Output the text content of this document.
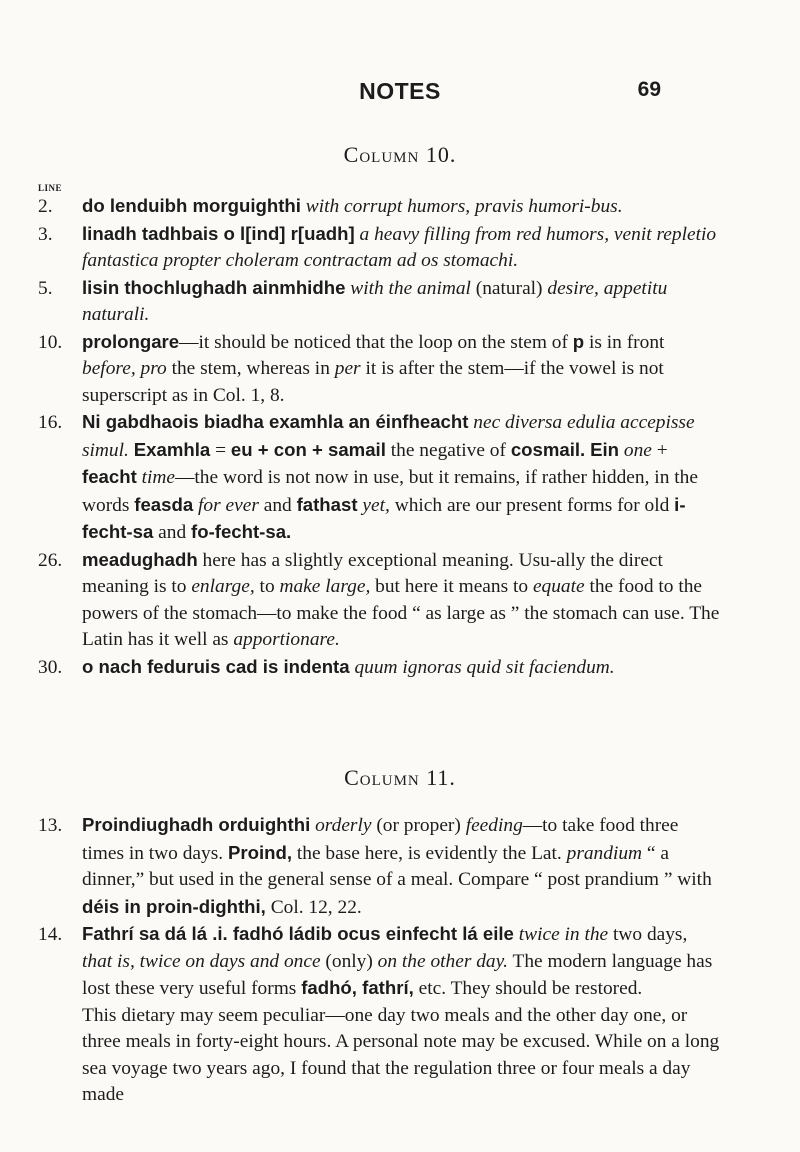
NOTES	69
Column 10.
LINE

2. do lenduibh morguighthi with corrupt humors, pravis humori-bus.

3. linadh tadhbais o l[ind] r[uadh] a heavy filling from red humors, venit repletio fantastica propter choleram contractam ad os stomachi.

5. lisin thochlughadh ainmhidhe with the animal (natural) desire, appetitu naturali.

10. prolongare—it should be noticed that the loop on the stem of p is in front before, pro the stem, whereas in per it is after the stem—if the vowel is not superscript as in Col. 1, 8.

16. Ni gabdhaois biadha examhla an éinfheacht nec diversa edulia accepisse simul. Examhla = eu + con + samail the negative of cosmail. Ein one + feacht time—the word is not now in use, but it remains, if rather hidden, in the words feasda for ever and fathast yet, which are our present forms for old i-fecht-sa and fo-fecht-sa.

26. meadughadh here has a slightly exceptional meaning. Usu-ally the direct meaning is to enlarge, to make large, but here it means to equate the food to the powers of the stomach—to make the food “ as large as ” the stomach can use. The Latin has it well as apportionare.

30. o nach feduruis cad is indenta quum ignoras quid sit faciendum.

Column 11.

13. Proindiughadh orduighthi orderly (or proper) feeding—to take food three times in two days. Proind, the base here, is evidently the Lat. prandium “ a dinner,” but used in the general sense of a meal. Compare “ post prandium ” with déis in proin-dighthi, Col. 12, 22.

14. Fathrí sa dá lá .i. fadhó ládib ocus einfecht lá eile twice in the two days, that is, twice on days and once (only) on the other day. The modern language has lost these very useful forms fadhó, fathrí, etc. They should be restored.

This dietary may seem peculiar—one day two meals and the other day one, or three meals in forty-eight hours. A personal note may be excused. While on a long sea voyage two years ago, I found that the regulation three or four meals a day made
